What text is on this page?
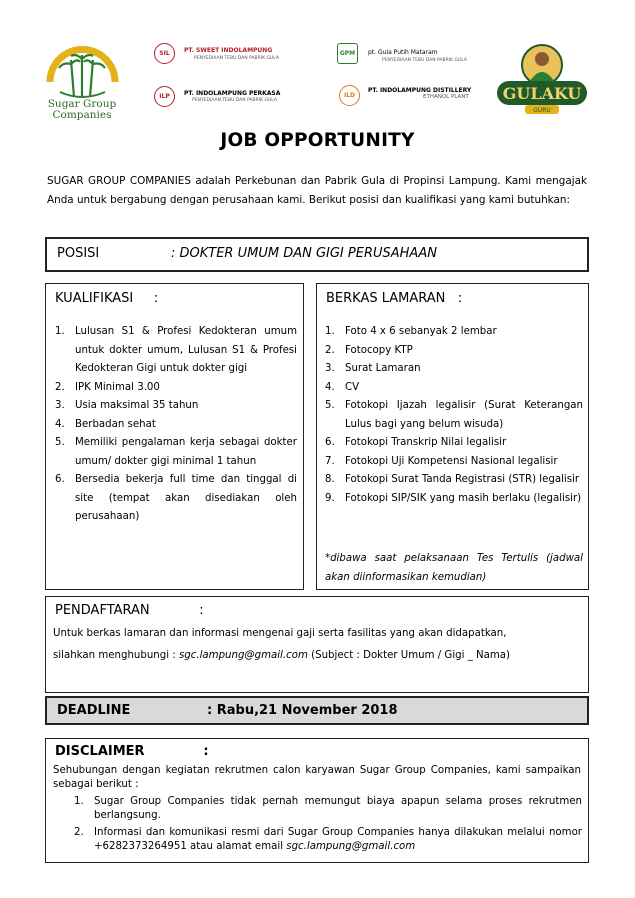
Sugar Group Companies
SIL	PT. SWEET INDOLAMPUNG
PENYEDIAAN TEBU DAN PABRIK GULA
ILP	PT. INDOLAMPUNG PERKASA
PENYEDIAAN TEBU DAN PABRIK GULA
GPM	pt. Gula Putih Mataram
PENYEDIAAN TEBU DAN PABRIK GULA
ILD
PT. INDOLAMPUNG DISTILLERY
ETHANOL PLANT GULAKU
GURU
JOB OPPORTUNITY
SUGAR GROUP COMPANIES adalah Perkebunan dan Pabrik Gula di Propinsi Lampung. Kami mengajak Anda untuk bergabung dengan perusahaan kami. Berikut posisi dan kualifikasi yang kami butuhkan:
POSISI	: DOKTER UMUM DAN GIGI PERUSAHAAN
KUALIFIKASI     :
1. Lulusan S1 & Profesi Kedokteran umum untuk dokter umum, Lulusan S1 & Profesi Kedokteran Gigi untuk dokter gigi
2. IPK Minimal 3.00
3. Usia maksimal 35 tahun
4. Berbadan sehat
5. Memiliki pengalaman kerja sebagai dokter umum/ dokter gigi minimal 1 tahun
6. Bersedia bekerja full time dan tinggal di site (tempat akan disediakan oleh perusahaan)
BERKAS LAMARAN   :
1. Foto 4 x 6 sebanyak 2 lembar
2. Fotocopy KTP
3. Surat Lamaran
4. CV
5. Fotokopi Ijazah legalisir (Surat Keterangan Lulus bagi yang belum wisuda)
6. Fotokopi Transkrip Nilai legalisir
7. Fotokopi Uji Kompetensi Nasional legalisir
8. Fotokopi Surat Tanda Registrasi (STR) legalisir
9. Fotokopi SIP/SIK yang masih berlaku (legalisir)
*dibawa saat pelaksanaan Tes Tertulis (jadwal akan diinformasikan kemudian)
PENDAFTARAN            :
Untuk berkas lamaran dan informasi mengenai gaji serta fasilitas yang akan didapatkan,
silahkan menghubungi : sgc.lampung@gmail.com (Subject : Dokter Umum / Gigi _ Nama)
DEADLINE	: Rabu,21 November 2018
DISCLAIMER             :
Sehubungan dengan kegiatan rekrutmen calon karyawan Sugar Group Companies, kami sampaikan sebagai berikut :
1. Sugar Group Companies tidak pernah memungut biaya apapun selama proses rekrutmen berlangsung.
2. Informasi dan komunikasi resmi dari Sugar Group Companies hanya dilakukan melalui nomor +6282373264951 atau alamat email sgc.lampung@gmail.com
